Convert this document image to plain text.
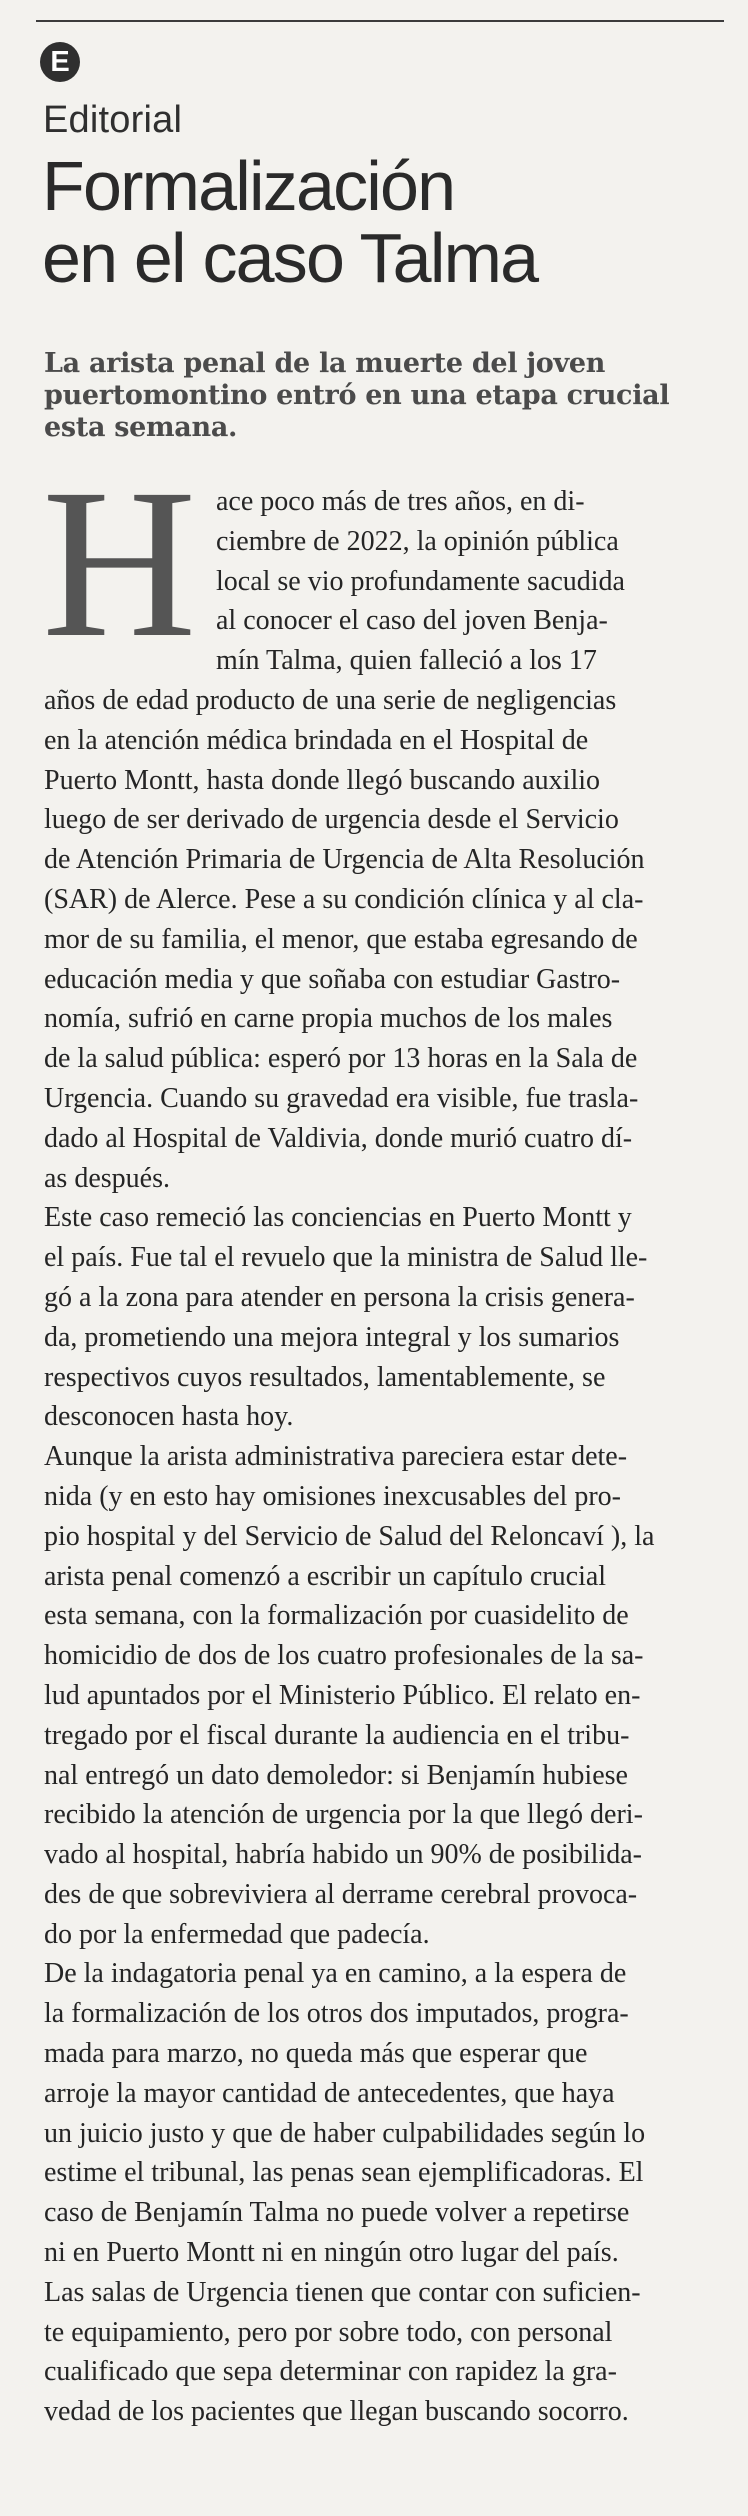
E
Editorial
Formalización
en el caso Talma

La arista penal de la muerte del joven
puertomontino entró en una etapa crucial
esta semana.

H ace poco más de tres años, en di-
ciembre de 2022, la opinión pública
local se vio profundamente sacudida
al conocer el caso del joven Benja-
mín Talma, quien falleció a los 17
años de edad producto de una serie de negligencias
en la atención médica brindada en el Hospital de
Puerto Montt, hasta donde llegó buscando auxilio
luego de ser derivado de urgencia desde el Servicio
de Atención Primaria de Urgencia de Alta Resolución
(SAR) de Alerce. Pese a su condición clínica y al cla-
mor de su familia, el menor, que estaba egresando de
educación media y que soñaba con estudiar Gastro-
nomía, sufrió en carne propia muchos de los males
de la salud pública: esperó por 13 horas en la Sala de
Urgencia. Cuando su gravedad era visible, fue trasla-
dado al Hospital de Valdivia, donde murió cuatro dí-
as después.
Este caso remeció las conciencias en Puerto Montt y
el país. Fue tal el revuelo que la ministra de Salud lle-
gó a la zona para atender en persona la crisis genera-
da, prometiendo una mejora integral y los sumarios
respectivos cuyos resultados, lamentablemente, se
desconocen hasta hoy.
Aunque la arista administrativa pareciera estar dete-
nida (y en esto hay omisiones inexcusables del pro-
pio hospital y del Servicio de Salud del Reloncaví ), la
arista penal comenzó a escribir un capítulo crucial
esta semana, con la formalización por cuasidelito de
homicidio de dos de los cuatro profesionales de la sa-
lud apuntados por el Ministerio Público. El relato en-
tregado por el fiscal durante la audiencia en el tribu-
nal entregó un dato demoledor: si Benjamín hubiese
recibido la atención de urgencia por la que llegó deri-
vado al hospital, habría habido un 90% de posibilida-
des de que sobreviviera al derrame cerebral provoca-
do por la enfermedad que padecía.
De la indagatoria penal ya en camino, a la espera de
la formalización de los otros dos imputados, progra-
mada para marzo, no queda más que esperar que
arroje la mayor cantidad de antecedentes, que haya
un juicio justo y que de haber culpabilidades según lo
estime el tribunal, las penas sean ejemplificadoras. El
caso de Benjamín Talma no puede volver a repetirse
ni en Puerto Montt ni en ningún otro lugar del país.
Las salas de Urgencia tienen que contar con suficien-
te equipamiento, pero por sobre todo, con personal
cualificado que sepa determinar con rapidez la gra-
vedad de los pacientes que llegan buscando socorro.
